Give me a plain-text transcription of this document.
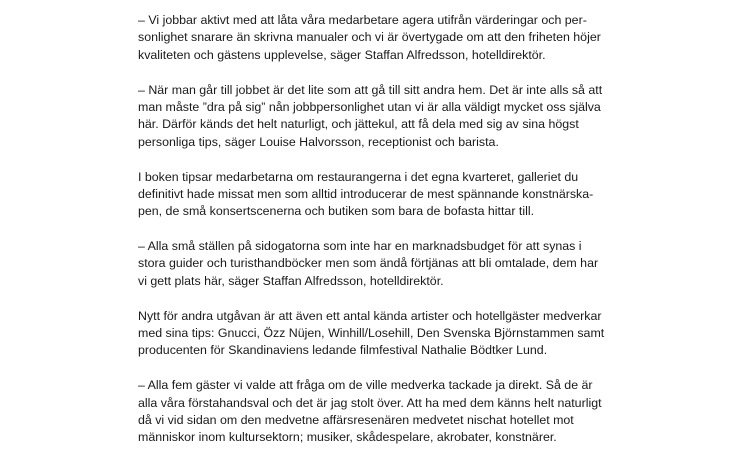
– Vi jobbar aktivt med att låta våra medarbetare agera utifrån värderingar och per-
sonlighet snarare än skrivna manualer och vi är övertygade om att den friheten höjer
kvaliteten och gästens upplevelse, säger Staffan Alfredsson, hotelldirektör.

– När man går till jobbet är det lite som att gå till sitt andra hem. Det är inte alls så att
man måste ”dra på sig” nån jobbpersonlighet utan vi är alla väldigt mycket oss själva
här. Därför känds det helt naturligt, och jättekul, att få dela med sig av sina högst
personliga tips, säger Louise Halvorsson, receptionist och barista.

I boken tipsar medarbetarna om restaurangerna i det egna kvarteret, galleriet du
definitivt hade missat men som alltid introducerar de mest spännande konstnärska-
pen, de små konsertscenerna och butiken som bara de bofasta hittar till.

– Alla små ställen på sidogatorna som inte har en marknadsbudget för att synas i
stora guider och turisthandböcker men som ändå förtjänas att bli omtalade, dem har
vi gett plats här, säger Staffan Alfredsson, hotelldirektör.

Nytt för andra utgåvan är att även ett antal kända artister och hotellgäster medverkar
med sina tips: Gnucci, Özz Nüjen, Winhill/Losehill, Den Svenska Björnstammen samt
producenten för Skandinaviens ledande filmfestival Nathalie Bödtker Lund.

– Alla fem gäster vi valde att fråga om de ville medverka tackade ja direkt. Så de är
alla våra förstahandsval och det är jag stolt över. Att ha med dem känns helt naturligt
då vi vid sidan om den medvetne affärsresenären medvetet nischat hotellet mot
människor inom kultursektorn; musiker, skådespelare, akrobater, konstnärer.
